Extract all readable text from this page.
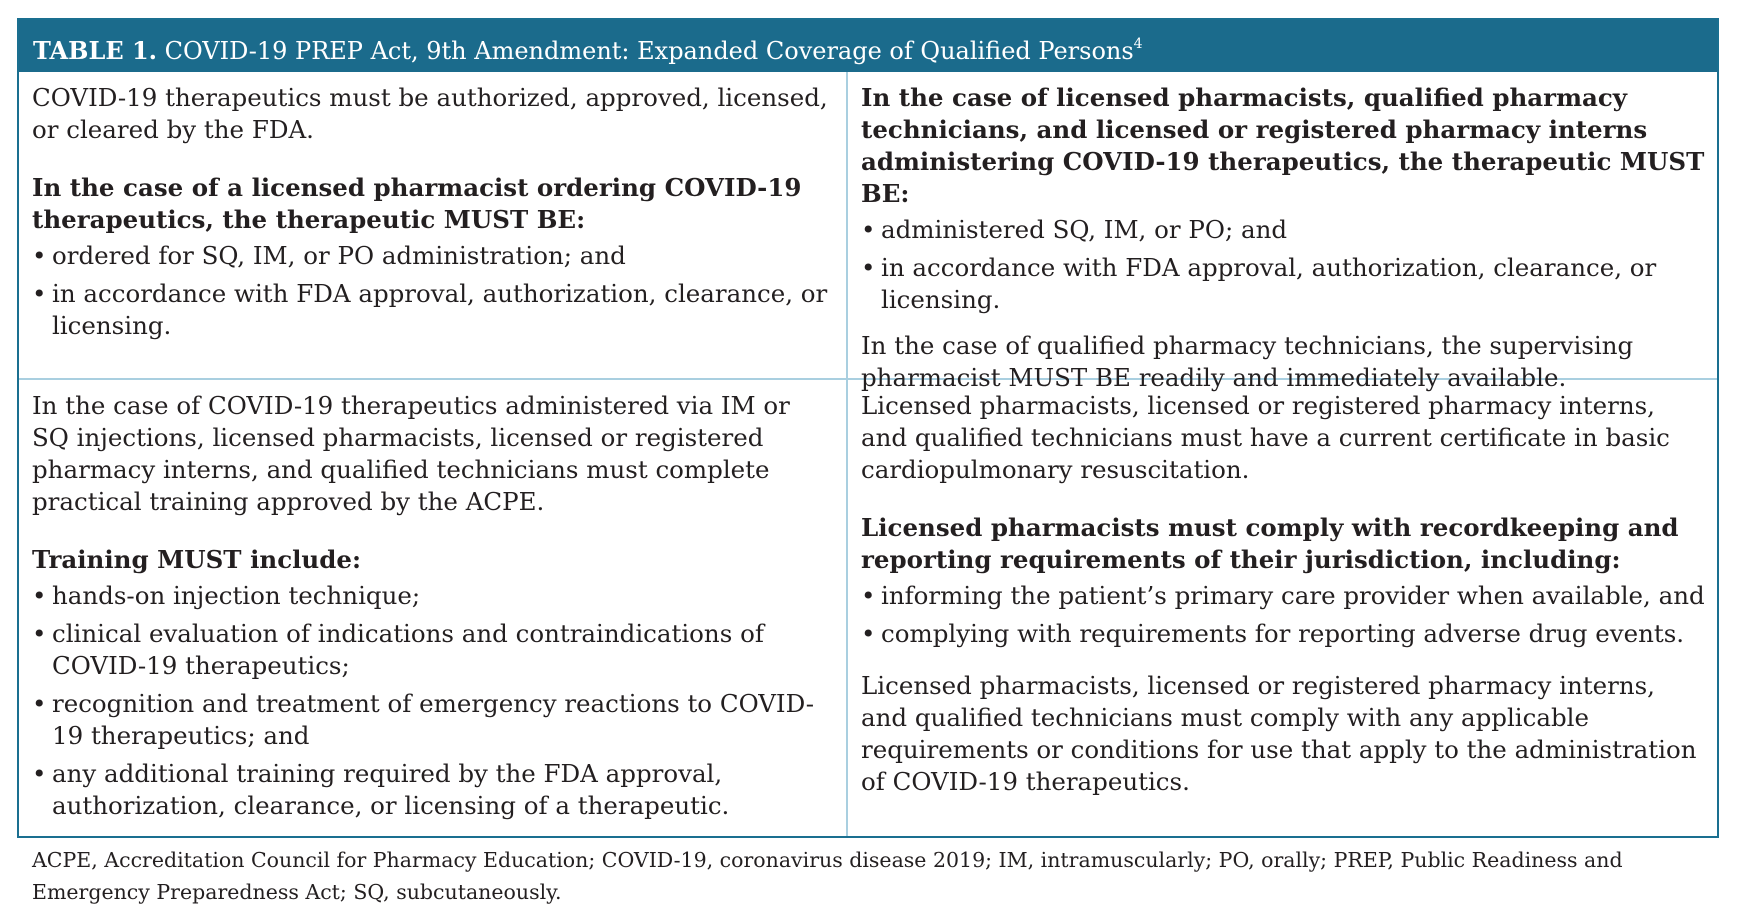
TABLE 1. COVID-19 PREP Act, 9th Amendment: Expanded Coverage of Qualified Persons$^4$

COVID-19 therapeutics must be authorized, approved, licensed, or cleared by the FDA.

In the case of a licensed pharmacist ordering COVID-19 therapeutics, the therapeutic MUST BE:

• ordered for SQ, IM, or PO administration; and
• in accordance with FDA approval, authorization, clearance, or licensing.

In the case of licensed pharmacists, qualified pharmacy technicians, and licensed or registered pharmacy interns administering COVID-19 therapeutics, the therapeutic MUST BE:

• administered SQ, IM, or PO; and
• in accordance with FDA approval, authorization, clearance, or licensing.

In the case of qualified pharmacy technicians, the supervising pharmacist MUST BE readily and immediately available.

In the case of COVID-19 therapeutics administered via IM or SQ injections, licensed pharmacists, licensed or registered pharmacy interns, and qualified technicians must complete practical training approved by the ACPE.

Training MUST include:

• hands-on injection technique;
• clinical evaluation of indications and contraindications of COVID-19 therapeutics;
• recognition and treatment of emergency reactions to COVID-19 therapeutics; and
• any additional training required by the FDA approval, authorization, clearance, or licensing of a therapeutic.

Licensed pharmacists, licensed or registered pharmacy interns, and qualified technicians must have a current certificate in basic cardiopulmonary resuscitation.

Licensed pharmacists must comply with recordkeeping and reporting requirements of their jurisdiction, including:

• informing the patient’s primary care provider when available, and
• complying with requirements for reporting adverse drug events.

Licensed pharmacists, licensed or registered pharmacy interns, and qualified technicians must comply with any applicable requirements or conditions for use that apply to the administration of COVID-19 therapeutics.

ACPE, Accreditation Council for Pharmacy Education; COVID-19, coronavirus disease 2019; IM, intramuscularly; PO, orally; PREP, Public Readiness and Emergency Preparedness Act; SQ, subcutaneously.
